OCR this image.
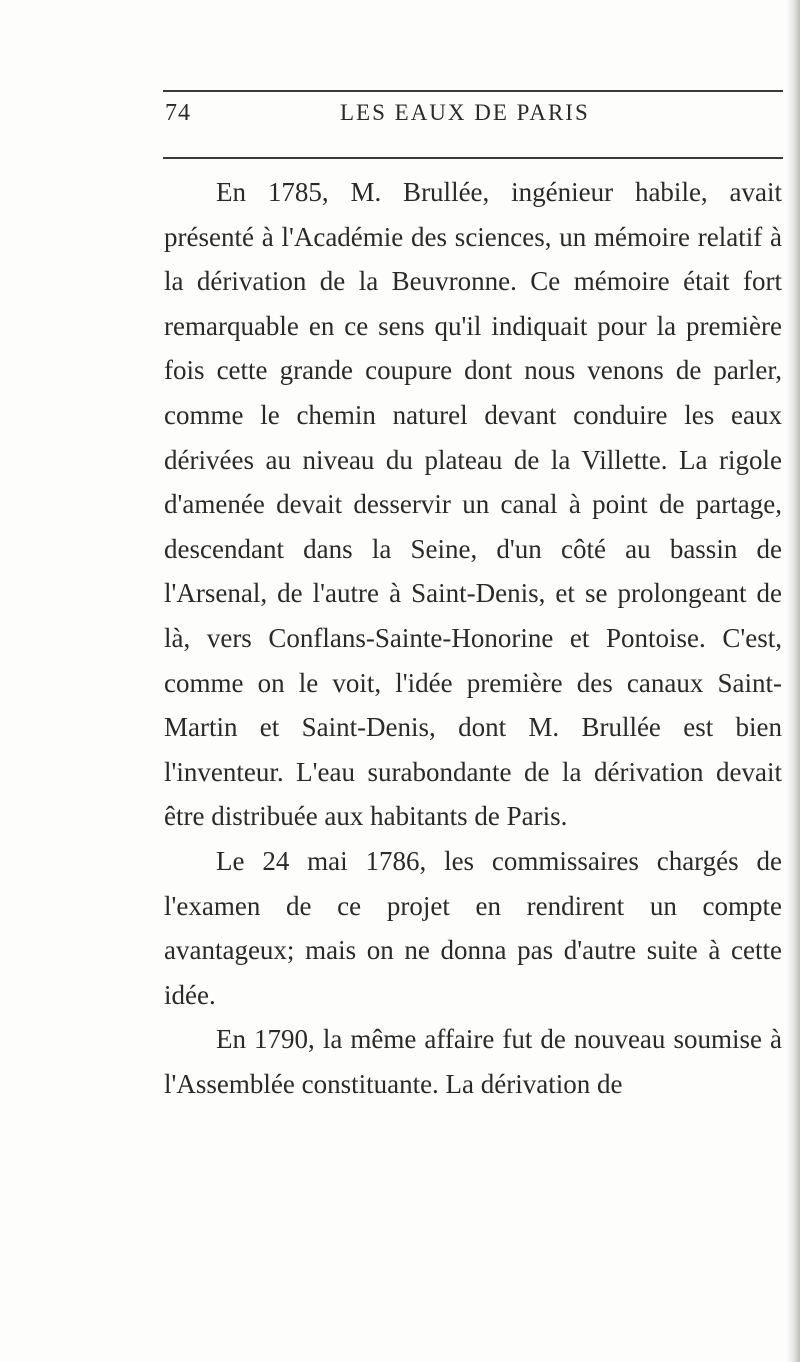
74	LES EAUX DE PARIS

En 1785, M. Brullée, ingénieur habile, avait présenté à l'Académie des sciences, un mémoire relatif à la dérivation de la Beuvronne. Ce mémoire était fort remarquable en ce sens qu'il indiquait pour la première fois cette grande coupure dont nous venons de parler, comme le chemin naturel devant conduire les eaux dérivées au niveau du plateau de la Villette. La rigole d'amenée devait desservir un canal à point de partage, descendant dans la Seine, d'un côté au bassin de l'Arsenal, de l'autre à Saint-Denis, et se prolongeant de là, vers Conflans-Sainte-Honorine et Pontoise. C'est, comme on le voit, l'idée première des canaux Saint-Martin et Saint-Denis, dont M. Brullée est bien l'inventeur. L'eau surabondante de la dérivation devait être distribuée aux habitants de Paris.

Le 24 mai 1786, les commissaires chargés de l'examen de ce projet en rendirent un compte avantageux; mais on ne donna pas d'autre suite à cette idée.

En 1790, la même affaire fut de nouveau soumise à l'Assemblée constituante. La dérivation de
